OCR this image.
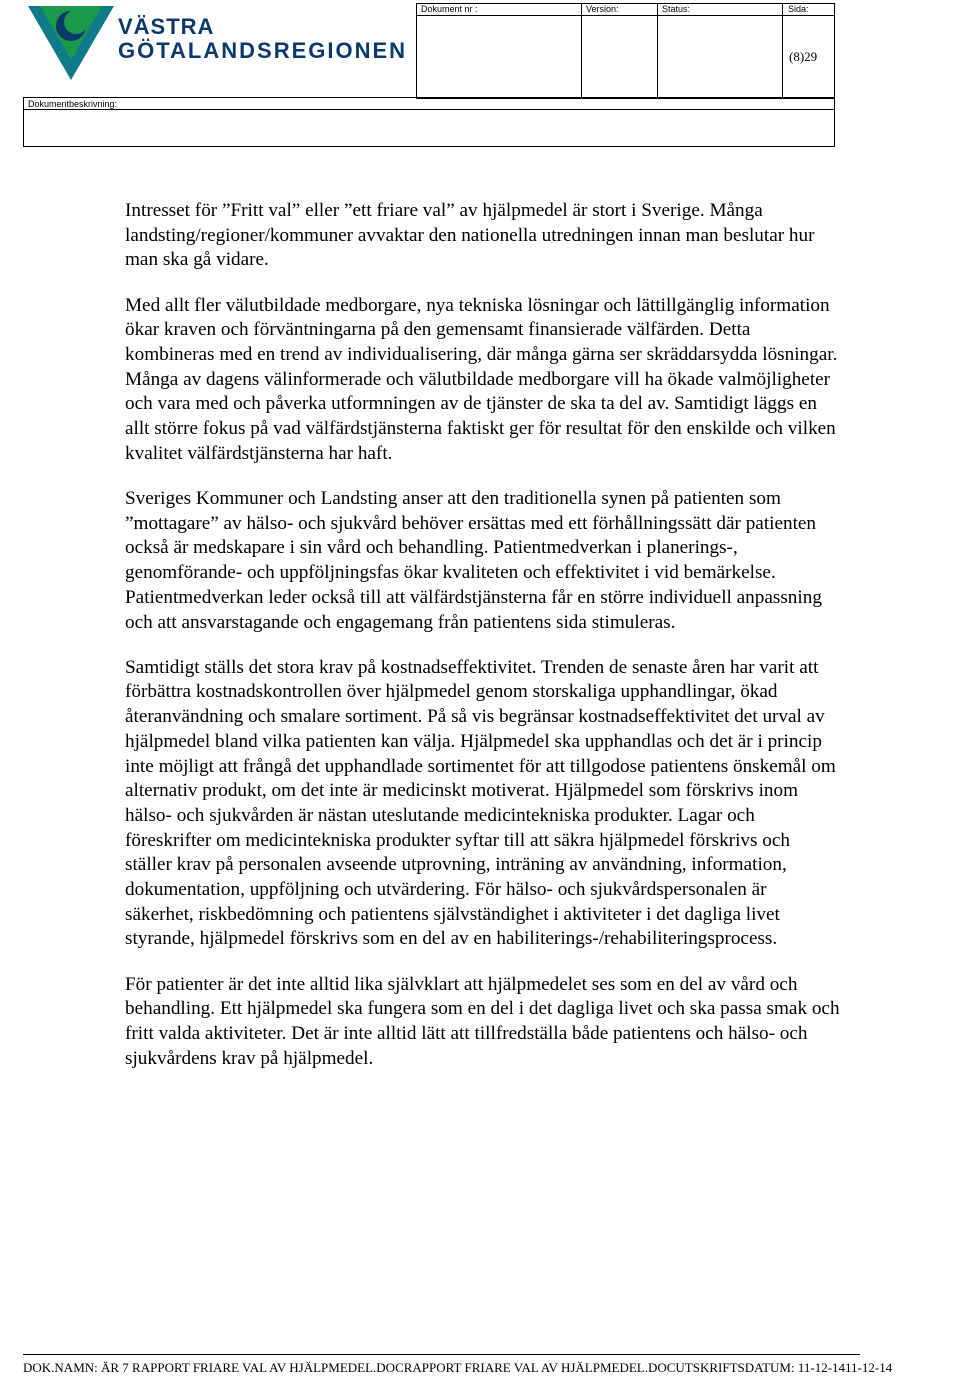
VÄSTRA
GÖTALANDSREGIONEN
Dokument nr :	Version:	Status:	Sida:
(8)29
Dokumentbeskrivning:

Intresset för ”Fritt val” eller ”ett friare val” av hjälpmedel är stort i Sverige. Många landsting/regioner/kommuner avvaktar den nationella utredningen innan man beslutar hur man ska gå vidare.

Med allt fler välutbildade medborgare, nya tekniska lösningar och lättillgänglig information ökar kraven och förväntningarna på den gemensamt finansierade välfärden. Detta kombineras med en trend av individualisering, där många gärna ser skräddarsydda lösningar. Många av dagens välinformerade och välutbildade medborgare vill ha ökade valmöjligheter och vara med och påverka utformningen av de tjänster de ska ta del av. Samtidigt läggs en allt större fokus på vad välfärdstjänsterna faktiskt ger för resultat för den enskilde och vilken kvalitet välfärdstjänsterna har haft.

Sveriges Kommuner och Landsting anser att den traditionella synen på patienten som ”mottagare” av hälso- och sjukvård behöver ersättas med ett förhållningssätt där patienten också är medskapare i sin vård och behandling. Patientmedverkan i planerings-, genomförande- och uppföljningsfas ökar kvaliteten och effektivitet i vid bemärkelse. Patientmedverkan leder också till att välfärdstjänsterna får en större individuell anpassning och att ansvarstagande och engagemang från patientens sida stimuleras.

Samtidigt ställs det stora krav på kostnadseffektivitet. Trenden de senaste åren har varit att förbättra kostnadskontrollen över hjälpmedel genom storskaliga upphandlingar, ökad återanvändning och smalare sortiment. På så vis begränsar kostnadseffektivitet det urval av hjälpmedel bland vilka patienten kan välja. Hjälpmedel ska upphandlas och det är i princip inte möjligt att frångå det upphandlade sortimentet för att tillgodose patientens önskemål om alternativ produkt, om det inte är medicinskt motiverat. Hjälpmedel som förskrivs inom hälso- och sjukvården är nästan uteslutande medicintekniska produkter. Lagar och föreskrifter om medicintekniska produkter syftar till att säkra hjälpmedel förskrivs och ställer krav på personalen avseende utprovning, inträning av användning, information, dokumentation, uppföljning och utvärdering. För hälso- och sjukvårdspersonalen är säkerhet, riskbedömning och patientens självständighet i aktiviteter i det dagliga livet styrande, hjälpmedel förskrivs som en del av en habiliterings-/rehabiliteringsprocess.

För patienter är det inte alltid lika självklart att hjälpmedelet ses som en del av vård och behandling. Ett hjälpmedel ska fungera som en del i det dagliga livet och ska passa smak och fritt valda aktiviteter. Det är inte alltid lätt att tillfredställa både patientens och hälso- och sjukvårdens krav på hjälpmedel.

DOK.NAMN: ÄR 7 RAPPORT FRIARE VAL AV HJÄLPMEDEL.DOCRAPPORT FRIARE VAL AV HJÄLPMEDEL.DOCUTSKRIFTSDATUM: 11-12-1411-12-14
